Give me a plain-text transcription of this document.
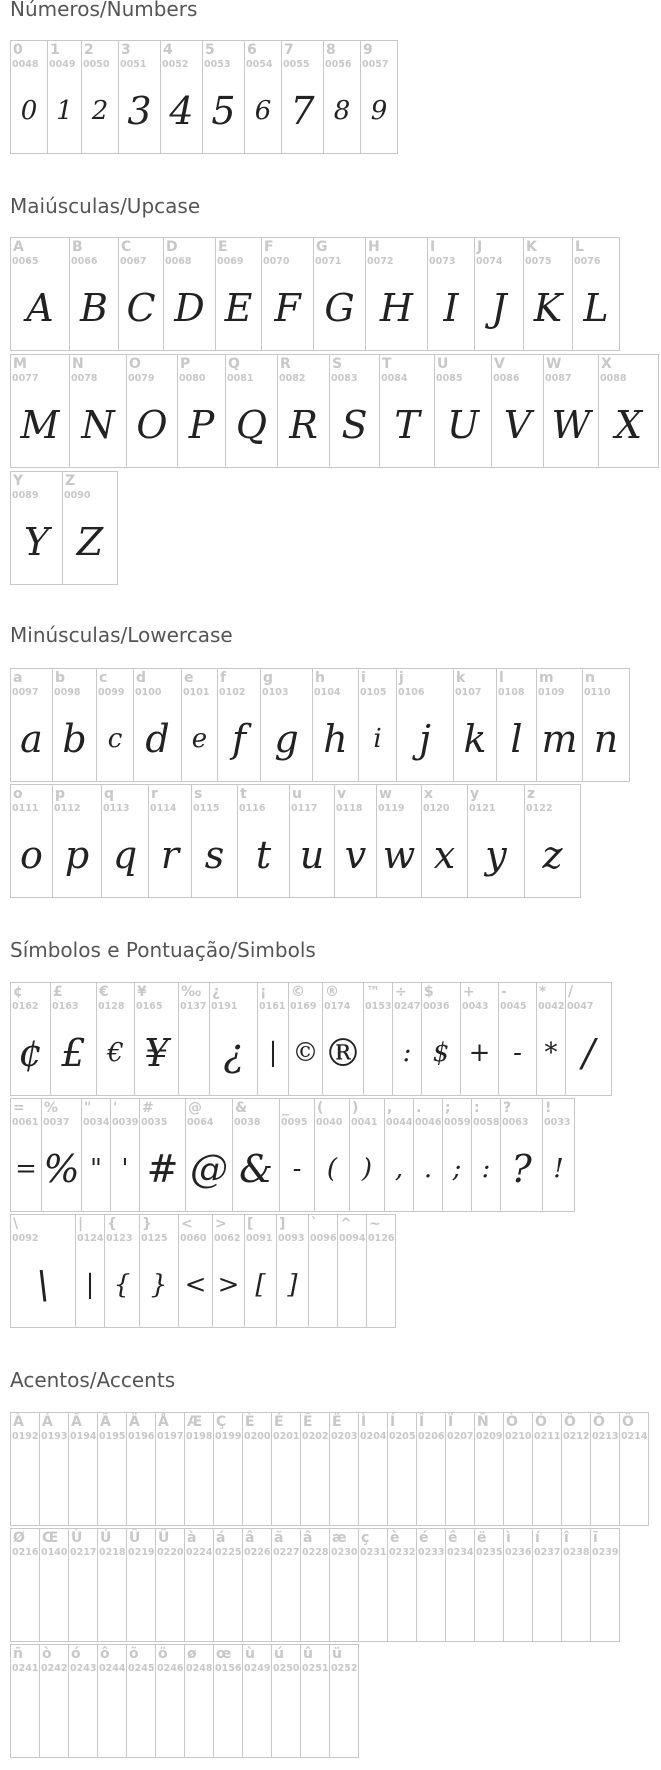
Números/Numbers
0
0048
0
1
0049
1
2
0050
2
3
0051
3
4
0052
4
5
0053
5
6
0054
6
7
0055
7
8
0056
8
9
0057
9
Maiúsculas/Upcase
A
0065
A
B
0066
B
C
0067
C
D
0068
D
E
0069
E
F
0070
F
G
0071
G
H
0072
H
I
0073
I
J
0074
J
K
0075
K
L
0076
L
M
0077
M
N
0078
N
O
0079
O
P
0080
P
Q
0081
Q
R
0082
R
S
0083
S
T
0084
T
U
0085
U
V
0086
V
W
0087
W
X
0088
X
Y
0089
Y
Z
0090
Z
Minúsculas/Lowercase
a
0097
a
b
0098
b
c
0099
c
d
0100
d
e
0101
e
f
0102
f
g
0103
g
h
0104
h
i
0105
i
j
0106
j
k
0107
k
l
0108
l
m
0109
m
n
0110
n
o
0111
o
p
0112
p
q
0113
q
r
0114
r
s
0115
s
t
0116
t
u
0117
u
v
0118
v
w
0119
w
x
0120
x
y
0121
y
z
0122
z
Símbolos e Pontuação/Simbols
¢
0162
¢
£
0163
£
€
0128
€
¥
0165
¥
‰
0137
¿
0191
¿
¡
0161
|
©
0169
©
®
0174
®
™
0153
÷
0247
:
$
0036
$
+
0043
+
-
0045
-
*
0042
*
/
0047
/
=
0061
=
%
0037
%
"
0034
"
'
0039
'
#
0035
#
@
0064
@
&
0038
&
_
0095
-
(
0040
(
)
0041
)
,
0044
,
.
0046
.
;
0059
;
:
0058
:
?
0063
?
!
0033
!
\
0092
\
|
0124
|
{
0123
{
}
0125
}
<
0060
<
>
0062
>
[
0091
[
]
0093
]
`
0096
^
0094
~
0126
Acentos/Accents
À
0192
Á
0193
Â
0194
Ã
0195
Ä
0196
Å
0197
Æ
0198
Ç
0199
È
0200
É
0201
Ê
0202
Ë
0203
Ì
0204
Í
0205
Î
0206
Ï
0207
Ñ
0209
Ò
0210
Ó
0211
Ô
0212
Õ
0213
Ö
0214
Ø
0216
Œ
0140
Ù
0217
Ú
0218
Û
0219
Ü
0220
à
0224
á
0225
â
0226
ã
0227
â
0228
æ
0230
ç
0231
è
0232
é
0233
ê
0234
ë
0235
ì
0236
í
0237
î
0238
ī
0239
ñ
0241
ò
0242
ó
0243
ô
0244
õ
0245
ö
0246
ø
0248
œ
0156
ù
0249
ú
0250
û
0251
ü
0252
